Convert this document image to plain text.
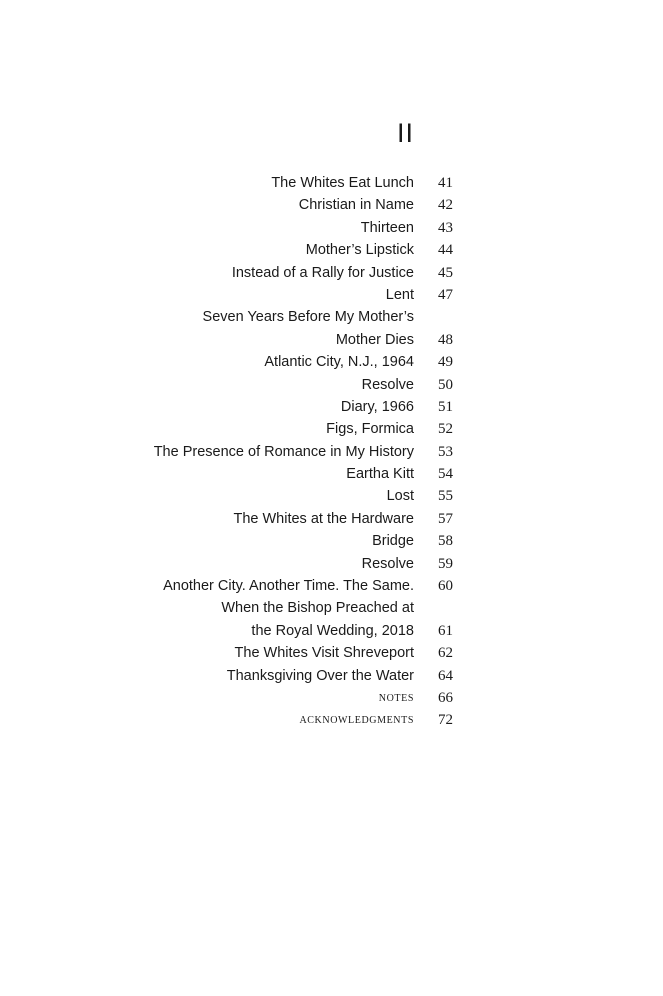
II
The Whites Eat Lunch	41
Christian in Name	42
Thirteen	43
Mother’s Lipstick	44
Instead of a Rally for Justice	45
Lent	47
Seven Years Before My Mother’s
Mother Dies	48
Atlantic City, N.J., 1964	49
Resolve	50
Diary, 1966	51
Figs, Formica	52
The Presence of Romance in My History	53
Eartha Kitt	54
Lost	55
The Whites at the Hardware	57
Bridge	58
Resolve	59
Another City. Another Time. The Same.	60
When the Bishop Preached at
the Royal Wedding, 2018	61
The Whites Visit Shreveport	62
Thanksgiving Over the Water	64
notes	66
acknowledgments	72
